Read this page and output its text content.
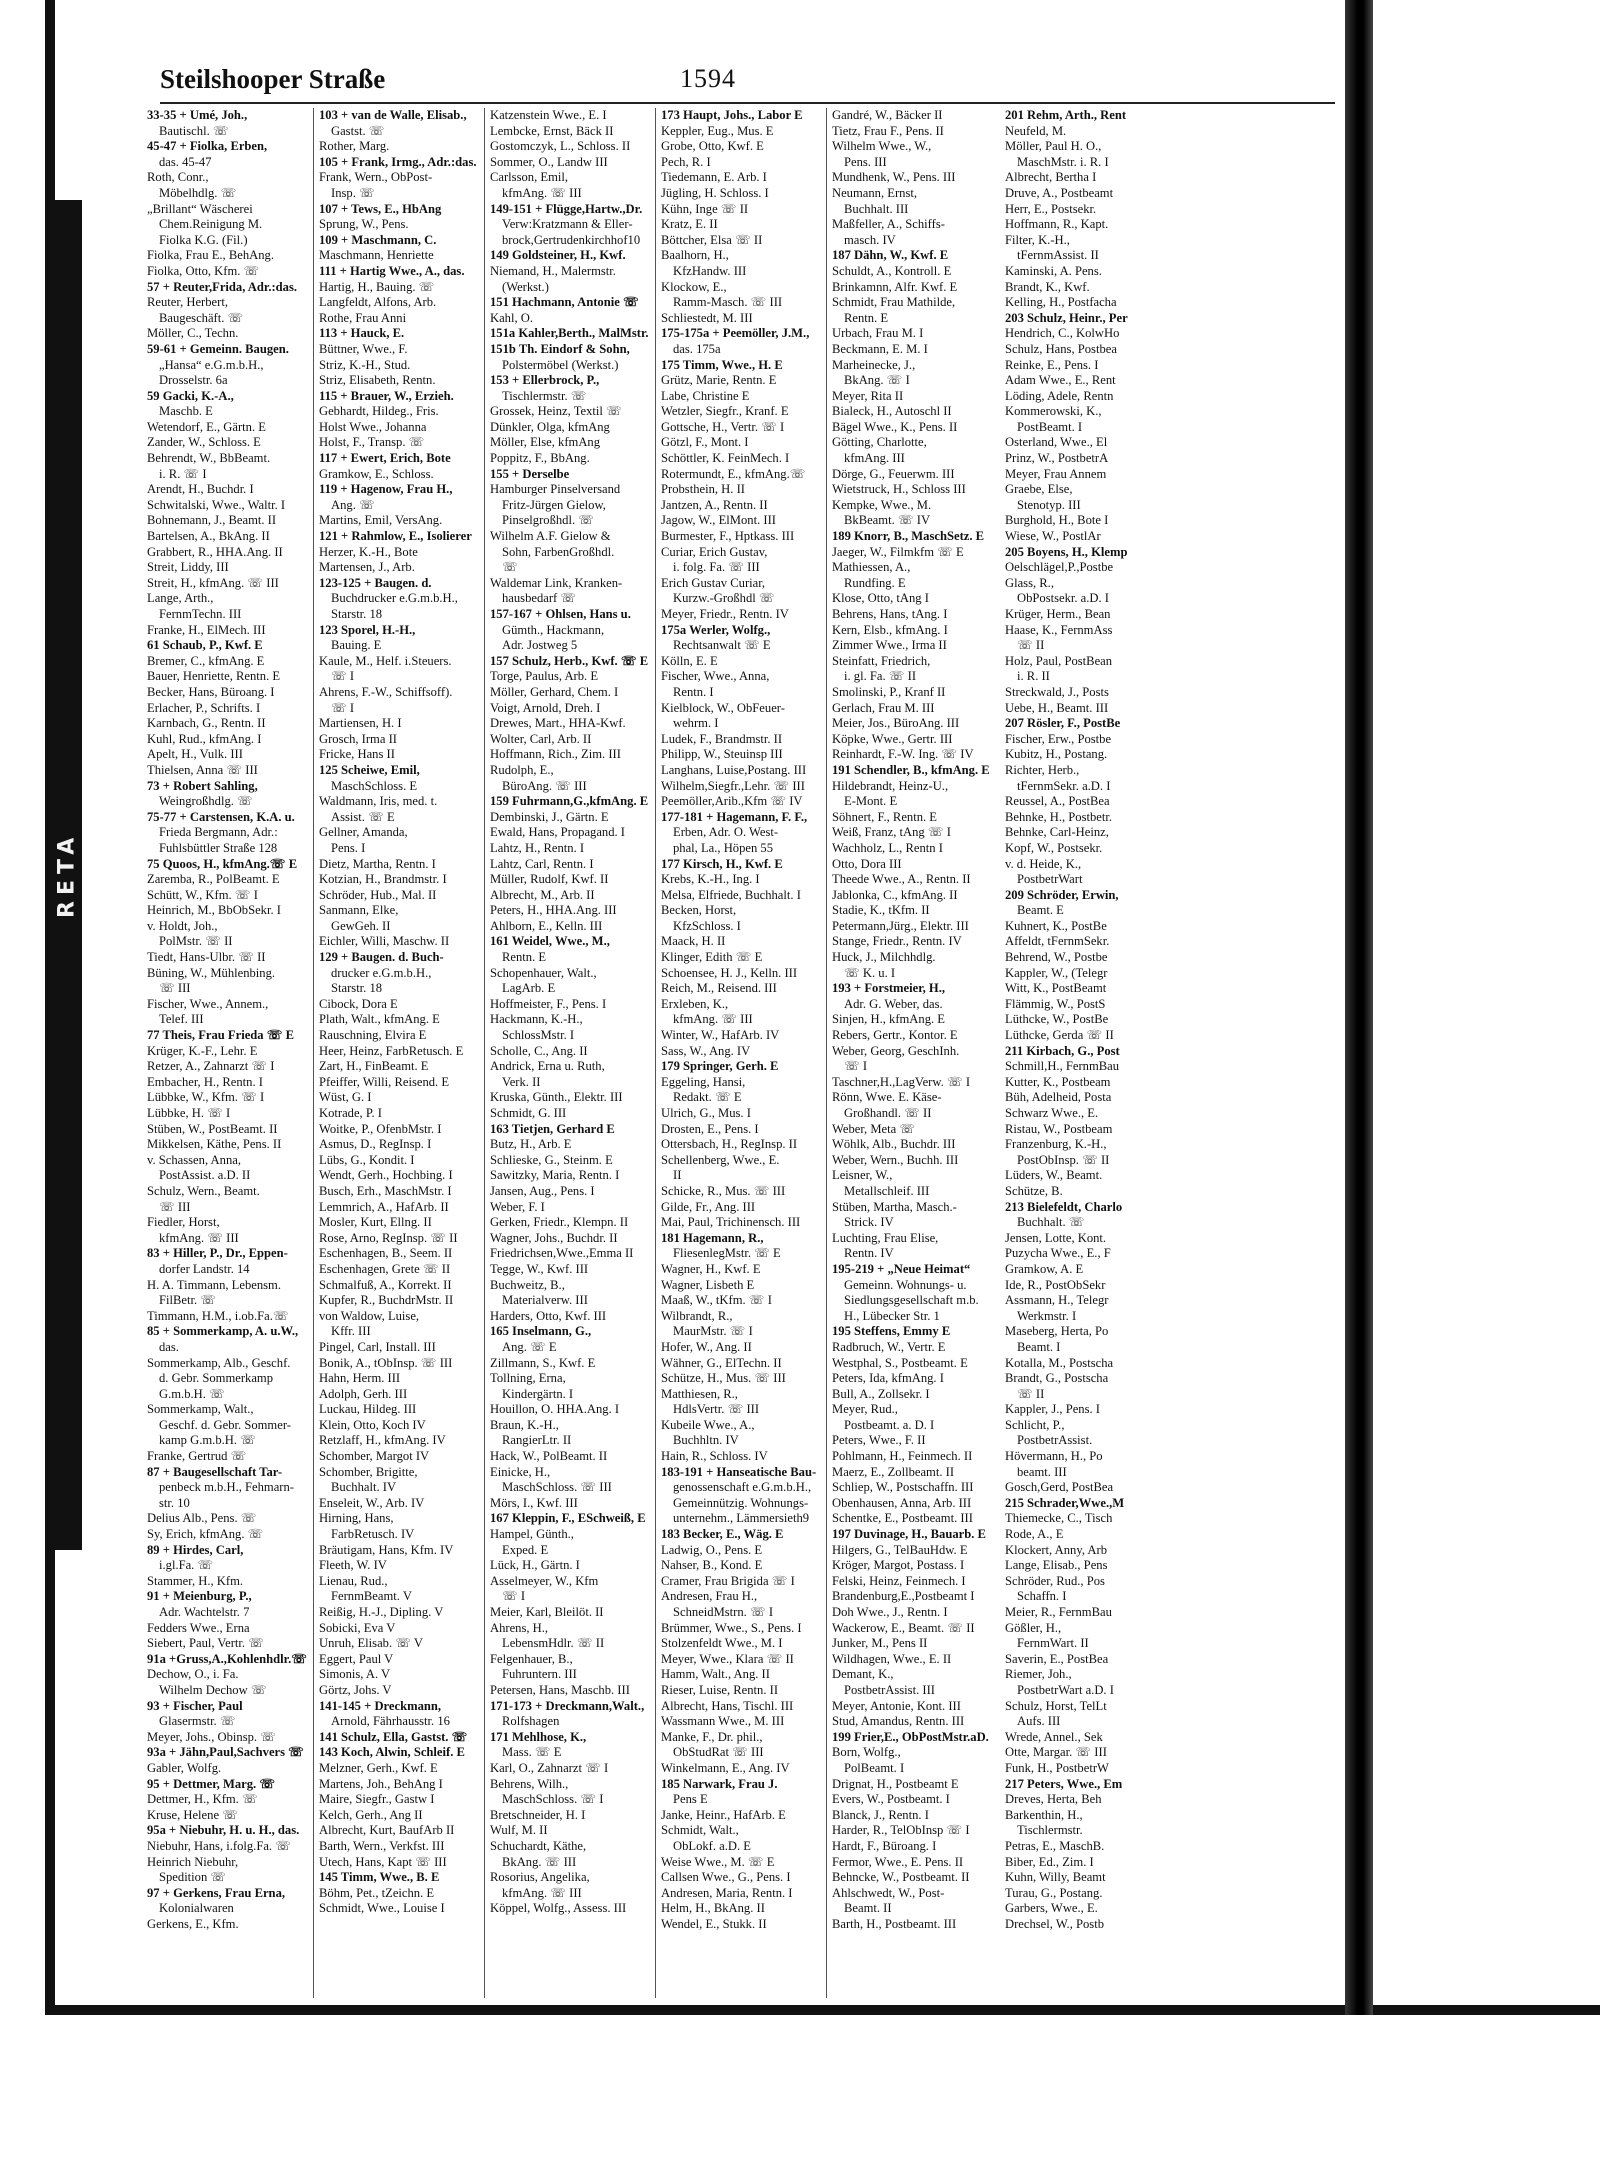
RETA
Steilshooper Straße	1594
33-35 + Umé, Joh.,
Bautischl. ☏
45-47 + Fiolka, Erben,
das. 45-47
Roth, Conr.,
Möbelhdlg. ☏
„Brillant“ Wäscherei
Chem.Reinigung M.
Fiolka K.G. (Fil.)
Fiolka, Frau E., BehAng.
Fiolka, Otto, Kfm. ☏
57 + Reuter,Frida, Adr.:das.
Reuter, Herbert,
Baugeschäft. ☏
Möller, C., Techn.
59-61 + Gemeinn. Baugen.
„Hansa“ e.G.m.b.H.,
Drosselstr. 6a
59 Gacki, K.-A.,
Maschb. E
Wetendorf, E., Gärtn. E
Zander, W., Schloss. E
Behrendt, W., BbBeamt.
i. R. ☏ I
Arendt, H., Buchdr. I
Schwitalski, Wwe., Waltr. I
Bohnemann, J., Beamt. II
Bartelsen, A., BkAng. II
Grabbert, R., HHA.Ang. II
Streit, Liddy, III
Streit, H., kfmAng. ☏ III
Lange, Arth.,
FernmTechn. III
Franke, H., ElMech. III
61 Schaub, P., Kwf. E
Bremer, C., kfmAng. E
Bauer, Henriette, Rentn. E
Becker, Hans, Büroang. I
Erlacher, P., Schrifts. I
Karnbach, G., Rentn. II
Kuhl, Rud., kfmAng. I
Apelt, H., Vulk. III
Thielsen, Anna ☏ III
73 + Robert Sahling,
Weingroßhdlg. ☏
75-77 + Carstensen, K.A. u.
Frieda Bergmann, Adr.:
Fuhlsbüttler Straße 128
75 Quoos, H., kfmAng.☏ E
Zaremba, R., PolBeamt. E
Schütt, W., Kfm. ☏ I
Heinrich, M., BbObSekr. I
v. Holdt, Joh.,
PolMstr. ☏ II
Tiedt, Hans-Ulbr. ☏ II
Büning, W., Mühlenbing.
☏ III
Fischer, Wwe., Annem.,
Telef. III
77 Theis, Frau Frieda ☏ E
Krüger, K.-F., Lehr. E
Retzer, A., Zahnarzt ☏ I
Embacher, H., Rentn. I
Lübbke, W., Kfm. ☏ I
Lübbke, H. ☏ I
Stüben, W., PostBeamt. II
Mikkelsen, Käthe, Pens. II
v. Schassen, Anna,
PostAssist. a.D. II
Schulz, Wern., Beamt.
☏ III
Fiedler, Horst,
kfmAng. ☏ III
83 + Hiller, P., Dr., Eppen-
dorfer Landstr. 14
H. A. Timmann, Lebensm.
FilBetr. ☏
Timmann, H.M., i.ob.Fa.☏
85 + Sommerkamp, A. u.W.,
das.
Sommerkamp, Alb., Geschf.
d. Gebr. Sommerkamp
G.m.b.H. ☏
Sommerkamp, Walt.,
Geschf. d. Gebr. Sommer-
kamp G.m.b.H. ☏
Franke, Gertrud ☏
87 + Baugesellschaft Tar-
penbeck m.b.H., Fehmarn-
str. 10
Delius Alb., Pens. ☏
Sy, Erich, kfmAng. ☏
89 + Hirdes, Carl,
i.gl.Fa. ☏
Stammer, H., Kfm.
91 + Meienburg, P.,
Adr. Wachtelstr. 7
Fedders Wwe., Erna
Siebert, Paul, Vertr. ☏
91a +Gruss,A.,Kohlenhdlr.☏
Dechow, O., i. Fa.
Wilhelm Dechow ☏
93 + Fischer, Paul
Glasermstr. ☏
Meyer, Johs., Obinsp. ☏
93a + Jähn,Paul,Sachvers ☏
Gabler, Wolfg.
95 + Dettmer, Marg. ☏
Dettmer, H., Kfm. ☏
Kruse, Helene ☏
95a + Niebuhr, H. u. H., das.
Niebuhr, Hans, i.folg.Fa. ☏
Heinrich Niebuhr,
Spedition ☏
97 + Gerkens, Frau Erna,
Kolonialwaren
Gerkens, E., Kfm.
103 + van de Walle, Elisab.,
Gastst. ☏
Rother, Marg.
105 + Frank, Irmg., Adr.:das.
Frank, Wern., ObPost-
Insp. ☏
107 + Tews, E., HbAng
Sprung, W., Pens.
109 + Maschmann, C.
Maschmann, Henriette
111 + Hartig Wwe., A., das.
Hartig, H., Bauing. ☏
Langfeldt, Alfons, Arb.
Rothe, Frau Anni
113 + Hauck, E.
Büttner, Wwe., F.
Striz, K.-H., Stud.
Striz, Elisabeth, Rentn.
115 + Brauer, W., Erzieh.
Gebhardt, Hildeg., Fris.
Holst Wwe., Johanna
Holst, F., Transp. ☏
117 + Ewert, Erich, Bote
Gramkow, E., Schloss.
119 + Hagenow, Frau H.,
Ang. ☏
Martins, Emil, VersAng.
121 + Rahmlow, E., Isolierer
Herzer, K.-H., Bote
Martensen, J., Arb.
123-125 + Baugen. d.
Buchdrucker e.G.m.b.H.,
Starstr. 18
123 Sporel, H.-H.,
Bauing. E
Kaule, M., Helf. i.Steuers.
☏ I
Ahrens, F.-W., Schiffsoff).
☏ I
Martiensen, H. I
Grosch, Irma II
Fricke, Hans II
125 Scheiwe, Emil,
MaschSchloss. E
Waldmann, Iris, med. t.
Assist. ☏ E
Gellner, Amanda,
Pens. I
Dietz, Martha, Rentn. I
Kotzian, H., Brandmstr. I
Schröder, Hub., Mal. II
Sanmann, Elke,
GewGeh. II
Eichler, Willi, Maschw. II
129 + Baugen. d. Buch-
drucker e.G.m.b.H.,
Starstr. 18
Cibock, Dora E
Plath, Walt., kfmAng. E
Rauschning, Elvira E
Heer, Heinz, FarbRetusch. E
Zart, H., FinBeamt. E
Pfeiffer, Willi, Reisend. E
Wüst, G. I
Kotrade, P. I
Woitke, P., OfenbMstr. I
Asmus, D., RegInsp. I
Lübs, G., Kondit. I
Wendt, Gerh., Hochbing. I
Busch, Erh., MaschMstr. I
Lemmrich, A., HafArb. II
Mosler, Kurt, Ellng. II
Rose, Arno, RegInsp. ☏ II
Eschenhagen, B., Seem. II
Eschenhagen, Grete ☏ II
Schmalfuß, A., Korrekt. II
Kupfer, R., BuchdrMstr. II
von Waldow, Luise,
Kffr. III
Pingel, Carl, Install. III
Bonik, A., tObInsp. ☏ III
Hahn, Herm. III
Adolph, Gerh. III
Luckau, Hildeg. III
Klein, Otto, Koch IV
Retzlaff, H., kfmAng. IV
Schomber, Margot IV
Schomber, Brigitte,
Buchhalt. IV
Enseleit, W., Arb. IV
Hirning, Hans,
FarbRetusch. IV
Bräutigam, Hans, Kfm. IV
Fleeth, W. IV
Lienau, Rud.,
FernmBeamt. V
Reißig, H.-J., Dipling. V
Sobicki, Eva V
Unruh, Elisab. ☏ V
Eggert, Paul V
Simonis, A. V
Görtz, Johs. V
141-145 + Dreckmann,
Arnold, Fährhausstr. 16
141 Schulz, Ella, Gastst. ☏
143 Koch, Alwin, Schleif. E
Melzner, Gerh., Kwf. E
Martens, Joh., BehAng I
Maire, Siegfr., Gastw I
Kelch, Gerh., Ang II
Albrecht, Kurt, BaufArb II
Barth, Wern., Verkfst. III
Utech, Hans, Kapt ☏ III
145 Timm, Wwe., B. E
Böhm, Pet., tZeichn. E
Schmidt, Wwe., Louise I
Katzenstein Wwe., E. I
Lembcke, Ernst, Bäck II
Gostomczyk, L., Schloss. II
Sommer, O., Landw III
Carlsson, Emil,
kfmAng. ☏ III
149-151 + Flügge,Hartw.,Dr.
Verw:Kratzmann & Eller-
brock,Gertrudenkirchhof10
149 Goldsteiner, H., Kwf.
Niemand, H., Malermstr.
(Werkst.)
151 Hachmann, Antonie ☏
Kahl, O.
151a Kahler,Berth., MalMstr.
151b Th. Eindorf & Sohn,
Polstermöbel (Werkst.)
153 + Ellerbrock, P.,
Tischlermstr. ☏
Grossek, Heinz, Textil ☏
Dünkler, Olga, kfmAng
Möller, Else, kfmAng
Poppitz, F., BbAng.
155 + Derselbe
Hamburger Pinselversand
Fritz-Jürgen Gielow,
Pinselgroßhdl. ☏
Wilhelm A.F. Gielow &
Sohn, FarbenGroßhdl.
☏
Waldemar Link, Kranken-
hausbedarf ☏
157-167 + Ohlsen, Hans u.
Gümth., Hackmann,
Adr. Jostweg 5
157 Schulz, Herb., Kwf. ☏ E
Torge, Paulus, Arb. E
Möller, Gerhard, Chem. I
Voigt, Arnold, Dreh. I
Drewes, Mart., HHA-Kwf.
Wolter, Carl, Arb. II
Hoffmann, Rich., Zim. III
Rudolph, E.,
BüroAng. ☏ III
159 Fuhrmann,G.,kfmAng. E
Dembinski, J., Gärtn. E
Ewald, Hans, Propagand. I
Lahtz, H., Rentn. I
Lahtz, Carl, Rentn. I
Müller, Rudolf, Kwf. II
Albrecht, M., Arb. II
Peters, H., HHA.Ang. III
Ahlborn, E., Kelln. III
161 Weidel, Wwe., M.,
Rentn. E
Schopenhauer, Walt.,
LagArb. E
Hoffmeister, F., Pens. I
Hackmann, K.-H.,
SchlossMstr. I
Scholle, C., Ang. II
Andrick, Erna u. Ruth,
Verk. II
Kruska, Günth., Elektr. III
Schmidt, G. III
163 Tietjen, Gerhard E
Butz, H., Arb. E
Schlieske, G., Steinm. E
Sawitzky, Maria, Rentn. I
Jansen, Aug., Pens. I
Weber, F. I
Gerken, Friedr., Klempn. II
Wagner, Johs., Buchdr. II
Friedrichsen,Wwe.,Emma II
Tegge, W., Kwf. III
Buchweitz, B.,
Materialverw. III
Harders, Otto, Kwf. III
165 Inselmann, G.,
Ang. ☏ E
Zillmann, S., Kwf. E
Tollning, Erna,
Kindergärtn. I
Houillon, O. HHA.Ang. I
Braun, K.-H.,
RangierLtr. II
Hack, W., PolBeamt. II
Einicke, H.,
MaschSchloss. ☏ III
Mörs, I., Kwf. III
167 Kleppin, F., ESchweiß, E
Hampel, Günth.,
Exped. E
Lück, H., Gärtn. I
Asselmeyer, W., Kfm
☏ I
Meier, Karl, Bleilöt. II
Ahrens, H.,
LebensmHdlr. ☏ II
Felgenhauer, B.,
Fuhruntern. III
Petersen, Hans, Maschb. III
171-173 + Dreckmann,Walt.,
Rolfshagen
171 Mehlhose, K.,
Mass. ☏ E
Karl, O., Zahnarzt ☏ I
Behrens, Wilh.,
MaschSchloss. ☏ I
Bretschneider, H. I
Wulf, M. II
Schuchardt, Käthe,
BkAng. ☏ III
Rosorius, Angelika,
kfmAng. ☏ III
Köppel, Wolfg., Assess. III
173 Haupt, Johs., Labor E
Keppler, Eug., Mus. E
Grobe, Otto, Kwf. E
Pech, R. I
Tiedemann, E. Arb. I
Jügling, H. Schloss. I
Kühn, Inge ☏ II
Kratz, E. II
Böttcher, Elsa ☏ II
Baalhorn, H.,
KfzHandw. III
Klockow, E.,
Ramm-Masch. ☏ III
Schliestedt, M. III
175-175a + Peemöller, J.M.,
das. 175a
175 Timm, Wwe., H. E
Grütz, Marie, Rentn. E
Labe, Christine E
Wetzler, Siegfr., Kranf. E
Gottsche, H., Vertr. ☏ I
Götzl, F., Mont. I
Schöttler, K. FeinMech. I
Rotermundt, E., kfmAng.☏
Probsthein, H. II
Jantzen, A., Rentn. II
Jagow, W., ElMont. III
Burmester, F., Hptkass. III
Curiar, Erich Gustav,
i. folg. Fa. ☏ III
Erich Gustav Curiar,
Kurzw.-Großhdl ☏
Meyer, Friedr., Rentn. IV
175a Werler, Wolfg.,
Rechtsanwalt ☏ E
Kölln, E. E
Fischer, Wwe., Anna,
Rentn. I
Kielblock, W., ObFeuer-
wehrm. I
Ludek, F., Brandmstr. II
Philipp, W., Steuinsp III
Langhans, Luise,Postang. III
Wilhelm,Siegfr.,Lehr. ☏ III
Peemöller,Arib.,Kfm ☏ IV
177-181 + Hagemann, F. F.,
Erben, Adr. O. West-
phal, La., Höpen 55
177 Kirsch, H., Kwf. E
Krebs, K.-H., Ing. I
Melsa, Elfriede, Buchhalt. I
Becken, Horst,
KfzSchloss. I
Maack, H. II
Klinger, Edith ☏ E
Schoensee, H. J., Kelln. III
Reich, M., Reisend. III
Erxleben, K.,
kfmAng. ☏ III
Winter, W., HafArb. IV
Sass, W., Ang. IV
179 Springer, Gerh. E
Eggeling, Hansi,
Redakt. ☏ E
Ulrich, G., Mus. I
Drosten, E., Pens. I
Ottersbach, H., RegInsp. II
Schellenberg, Wwe., E.
II
Schicke, R., Mus. ☏ III
Gilde, Fr., Ang. III
Mai, Paul, Trichinensch. III
181 Hagemann, R.,
FliesenlegMstr. ☏ E
Wagner, H., Kwf. E
Wagner, Lisbeth E
Maaß, W., tKfm. ☏ I
Wilbrandt, R.,
MaurMstr. ☏ I
Hofer, W., Ang. II
Wähner, G., ElTechn. II
Schütze, H., Mus. ☏ III
Matthiesen, R.,
HdlsVertr. ☏ III
Kubeile Wwe., A.,
Buchhltn. IV
Hain, R., Schloss. IV
183-191 + Hanseatische Bau-
genossenschaft e.G.m.b.H.,
Gemeinnützig. Wohnungs-
unternehm., Lämmersieth9
183 Becker, E., Wäg. E
Ladwig, O., Pens. E
Nahser, B., Kond. E
Cramer, Frau Brigida ☏ I
Andresen, Frau H.,
SchneidMstrn. ☏ I
Brümmer, Wwe., S., Pens. I
Stolzenfeldt Wwe., M. I
Meyer, Wwe., Klara ☏ II
Hamm, Walt., Ang. II
Rieser, Luise, Rentn. II
Albrecht, Hans, Tischl. III
Wassmann Wwe., M. III
Manke, F., Dr. phil.,
ObStudRat ☏ III
Winkelmann, E., Ang. IV
185 Narwark, Frau J.
Pens E
Janke, Heinr., HafArb. E
Schmidt, Walt.,
ObLokf. a.D. E
Weise Wwe., M. ☏ E
Callsen Wwe., G., Pens. I
Andresen, Maria, Rentn. I
Helm, H., BkAng. II
Wendel, E., Stukk. II
Gandré, W., Bäcker II
Tietz, Frau F., Pens. II
Wilhelm Wwe., W.,
Pens. III
Mundhenk, W., Pens. III
Neumann, Ernst,
Buchhalt. III
Maßfeller, A., Schiffs-
masch. IV
187 Dähn, W., Kwf. E
Schuldt, A., Kontroll. E
Brinkamnn, Alfr. Kwf. E
Schmidt, Frau Mathilde,
Rentn. E
Urbach, Frau M. I
Beckmann, E. M. I
Marheinecke, J.,
BkAng. ☏ I
Meyer, Rita II
Bialeck, H., Autoschl II
Bägel Wwe., K., Pens. II
Götting, Charlotte,
kfmAng. III
Dörge, G., Feuerwm. III
Wietstruck, H., Schloss III
Kempke, Wwe., M.
BkBeamt. ☏ IV
189 Knorr, B., MaschSetz. E
Jaeger, W., Filmkfm ☏ E
Mathiessen, A.,
Rundfing. E
Klose, Otto, tAng I
Behrens, Hans, tAng. I
Kern, Elsb., kfmAng. I
Zimmer Wwe., Irma II
Steinfatt, Friedrich,
i. gl. Fa. ☏ II
Smolinski, P., Kranf II
Gerlach, Frau M. III
Meier, Jos., BüroAng. III
Köpke, Wwe., Gertr. III
Reinhardt, F.-W. Ing. ☏ IV
191 Schendler, B., kfmAng. E
Hildebrandt, Heinz-U.,
E-Mont. E
Söhnert, F., Rentn. E
Weiß, Franz, tAng ☏ I
Wachholz, L., Rentn I
Otto, Dora III
Theede Wwe., A., Rentn. II
Jablonka, C., kfmAng. II
Stadie, K., tKfm. II
Petermann,Jürg., Elektr. III
Stange, Friedr., Rentn. IV
Huck, J., Milchhdlg.
☏ K. u. I
193 + Forstmeier, H.,
Adr. G. Weber, das.
Sinjen, H., kfmAng. E
Rebers, Gertr., Kontor. E
Weber, Georg, GeschInh.
☏ I
Taschner,H.,LagVerw. ☏ I
Rönn, Wwe. E. Käse-
Großhandl. ☏ II
Weber, Meta ☏
Wöhlk, Alb., Buchdr. III
Weber, Wern., Buchh. III
Leisner, W.,
Metallschleif. III
Stüben, Martha, Masch.-
Strick. IV
Luchting, Frau Elise,
Rentn. IV
195-219 + „Neue Heimat“
Gemeinn. Wohnungs- u.
Siedlungsgesellschaft m.b.
H., Lübecker Str. 1
195 Steffens, Emmy E
Radbruch, W., Vertr. E
Westphal, S., Postbeamt. E
Peters, Ida, kfmAng. I
Bull, A., Zollsekr. I
Meyer, Rud.,
Postbeamt. a. D. I
Peters, Wwe., F. II
Pohlmann, H., Feinmech. II
Maerz, E., Zollbeamt. II
Schliep, W., Postschaffn. III
Obenhausen, Anna, Arb. III
Schentke, E., Postbeamt. III
197 Duvinage, H., Bauarb. E
Hilgers, G., TelBauHdw. E
Kröger, Margot, Postass. I
Felski, Heinz, Feinmech. I
Brandenburg,E.,Postbeamt I
Doh Wwe., J., Rentn. I
Wackerow, E., Beamt. ☏ II
Junker, M., Pens II
Wildhagen, Wwe., E. II
Demant, K.,
PostbetrAssist. III
Meyer, Antonie, Kont. III
Stud, Amandus, Rentn. III
199 Frier,E., ObPostMstr.aD.
Born, Wolfg.,
PolBeamt. I
Drignat, H., Postbeamt E
Evers, W., Postbeamt. I
Blanck, J., Rentn. I
Harder, R., TelObInsp ☏ I
Hardt, F., Büroang. I
Fermor, Wwe., E. Pens. II
Behncke, W., Postbeamt. II
Ahlschwedt, W., Post-
Beamt. II
Barth, H., Postbeamt. III
201 Rehm, Arth., Rent
Neufeld, M.
Möller, Paul H. O.,
MaschMstr. i. R. I
Albrecht, Bertha I
Druve, A., Postbeamt
Herr, E., Postsekr.
Hoffmann, R., Kapt.
Filter, K.-H.,
tFernmAssist. II
Kaminski, A. Pens.
Brandt, K., Kwf.
Kelling, H., Postfacha
203 Schulz, Heinr., Per
Hendrich, C., KolwHo
Schulz, Hans, Postbea
Reinke, E., Pens. I
Adam Wwe., E., Rent
Löding, Adele, Rentn
Kommerowski, K.,
PostBeamt. I
Osterland, Wwe., El
Prinz, W., PostbetrA
Meyer, Frau Annem
Graebe, Else,
Stenotyp. III
Burghold, H., Bote I
Wiese, W., PostlAr
205 Boyens, H., Klemp
Oelschlägel,P.,Postbe
Glass, R.,
ObPostsekr. a.D. I
Krüger, Herm., Bean
Haase, K., FernmAss
☏ II
Holz, Paul, PostBean
i. R. II
Streckwald, J., Posts
Uebe, H., Beamt. III
207 Rösler, F., PostBe
Fischer, Erw., Postbe
Kubitz, H., Postang.
Richter, Herb.,
tFernmSekr. a.D. I
Reussel, A., PostBea
Behnke, H., Postbetr.
Behnke, Carl-Heinz,
Kopf, W., Postsekr.
v. d. Heide, K.,
PostbetrWart
209 Schröder, Erwin,
Beamt. E
Kuhnert, K., PostBe
Affeldt, tFernmSekr.
Behrend, W., Postbe
Kappler, W., (Telegr
Witt, K., PostBeamt
Flämmig, W., PostS
Lüthcke, W., PostBe
Lüthcke, Gerda ☏ II
211 Kirbach, G., Post
Schmill,H., FernmBau
Kutter, K., Postbeam
Büh, Adelheid, Posta
Schwarz Wwe., E.
Ristau, W., Postbeam
Franzenburg, K.-H.,
PostObInsp. ☏ II
Lüders, W., Beamt.
Schütze, B.
213 Bielefeldt, Charlo
Buchhalt. ☏
Jensen, Lotte, Kont.
Puzycha Wwe., E., F
Gramkow, A. E
Ide, R., PostObSekr
Assmann, H., Telegr
Werkmstr. I
Maseberg, Herta, Po
Beamt. I
Kotalla, M., Postscha
Brandt, G., Postscha
☏ II
Kappler, J., Pens. I
Schlicht, P.,
PostbetrAssist.
Hövermann, H., Po
beamt. III
Gosch,Gerd, PostBea
215 Schrader,Wwe.,M
Thiemecke, C., Tisch
Rode, A., E
Klockert, Anny, Arb
Lange, Elisab., Pens
Schröder, Rud., Pos
Schaffn. I
Meier, R., FernmBau
Gößler, H.,
FernmWart. II
Saverin, E., PostBea
Riemer, Joh.,
PostbetrWart a.D. I
Schulz, Horst, TelLt
Aufs. III
Wrede, Annel., Sek
Otte, Margar. ☏ III
Funk, H., PostbetrW
217 Peters, Wwe., Em
Dreves, Herta, Beh
Barkenthin, H.,
Tischlermstr.
Petras, E., MaschB.
Biber, Ed., Zim. I
Kuhn, Willy, Beamt
Turau, G., Postang.
Garbers, Wwe., E.
Drechsel, W., Postb
